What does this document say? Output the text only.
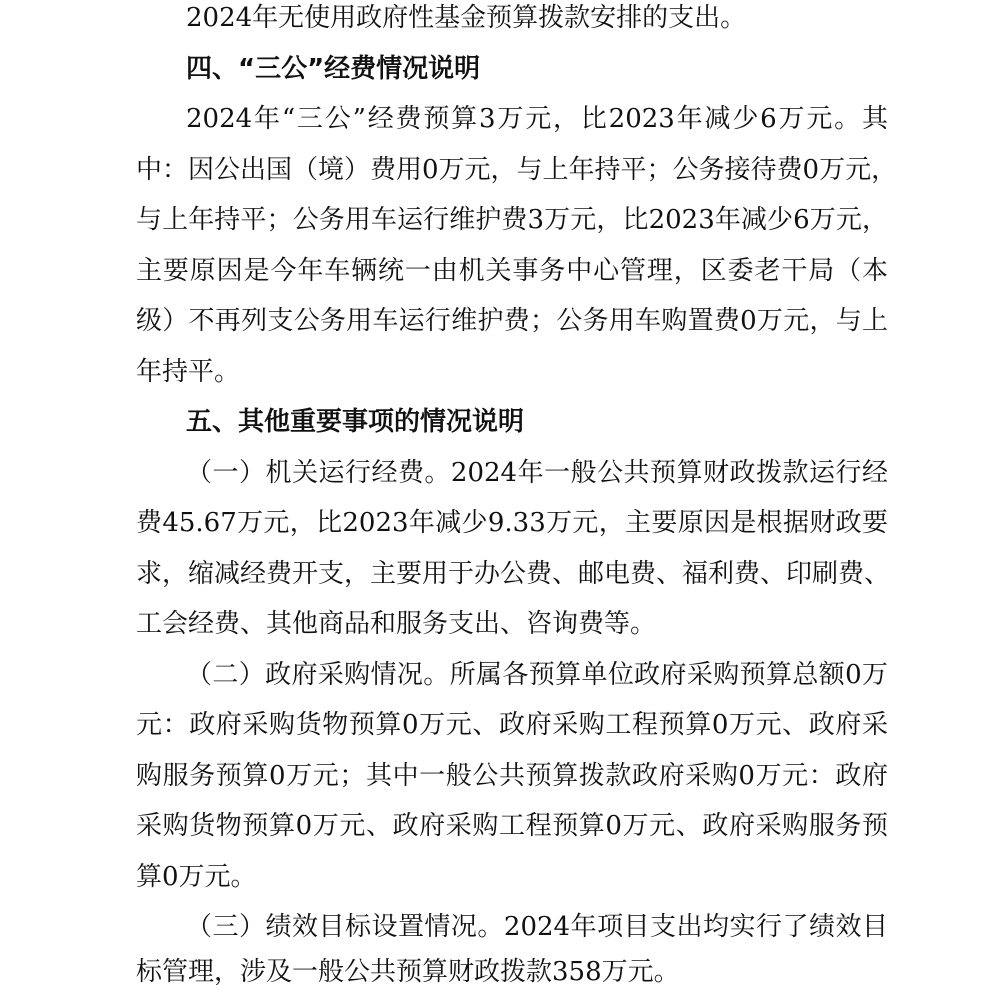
2024年无使用政府性基金预算拨款安排的支出。
四、“三公”经费情况说明
2024年“三公”经费预算3万元，比2023年减少6万元。其
中：因公出国（境）费用0万元，与上年持平；公务接待费0万元，
与上年持平；公务用车运行维护费3万元，比2023年减少6万元，
主要原因是今年车辆统一由机关事务中心管理，区委老干局（本
级）不再列支公务用车运行维护费；公务用车购置费0万元，与上
年持平。
五、其他重要事项的情况说明
（一）机关运行经费。2024年一般公共预算财政拨款运行经
费45.67万元，比2023年减少9.33万元，主要原因是根据财政要
求，缩减经费开支，主要用于办公费、邮电费、福利费、印刷费、
工会经费、其他商品和服务支出、咨询费等。
（二）政府采购情况。所属各预算单位政府采购预算总额0万
元：政府采购货物预算0万元、政府采购工程预算0万元、政府采
购服务预算0万元；其中一般公共预算拨款政府采购0万元：政府
采购货物预算0万元、政府采购工程预算0万元、政府采购服务预
算0万元。
（三）绩效目标设置情况。2024年项目支出均实行了绩效目
标管理，涉及一般公共预算财政拨款358万元。
